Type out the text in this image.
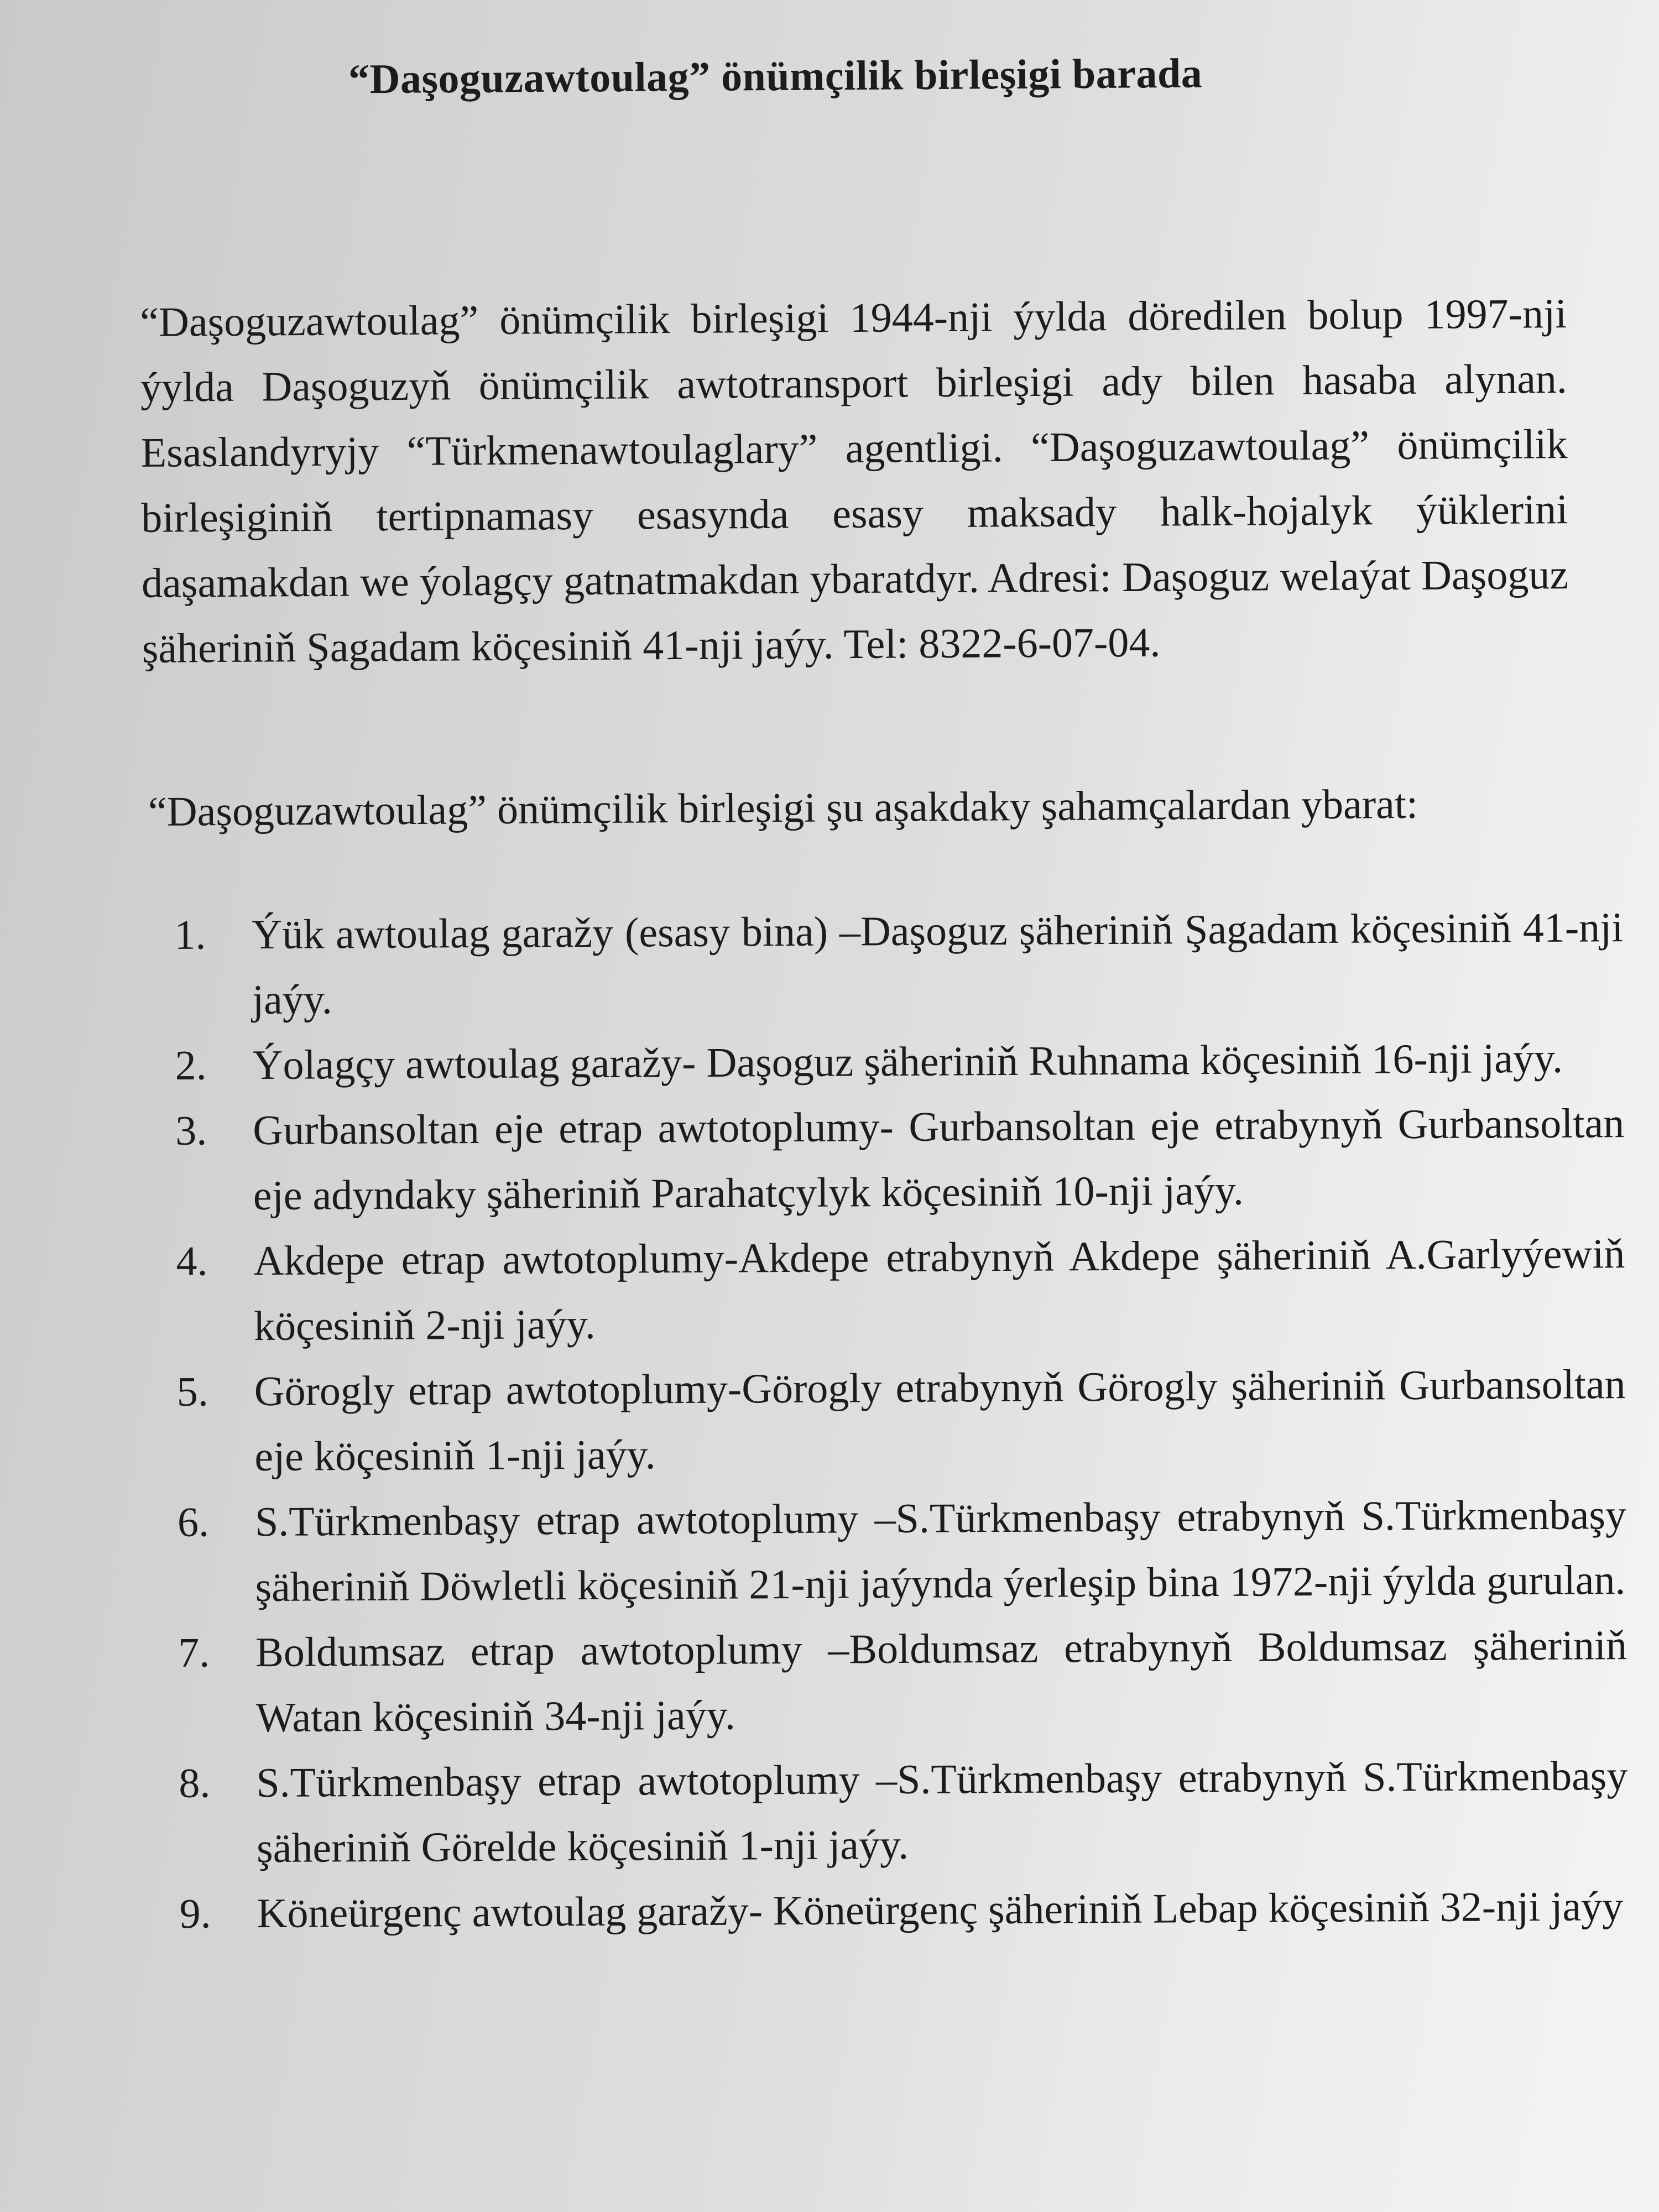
“Daşoguzawtoulag” önümçilik birleşigi barada

“Daşoguzawtoulag” önümçilik birleşigi 1944-nji ýylda döredilen bolup 1997-nji ýylda Daşoguzyň önümçilik awtotransport birleşigi ady bilen hasaba alynan. Esaslandyryjy “Türkmenawtoulaglary” agentligi. “Daşoguzawtoulag” önümçilik birleşiginiň tertipnamasy esasynda esasy maksady halk-hojalyk ýüklerini daşamakdan we ýolagçy gatnatmakdan ybaratdyr. Adresi: Daşoguz welaýat Daşoguz şäheriniň Şagadam köçesiniň 41-nji jaýy. Tel: 8322-6-07-04.

“Daşoguzawtoulag” önümçilik birleşigi şu aşakdaky şahamçalardan ybarat:

1.	Ýük awtoulag garažy (esasy bina) –Daşoguz şäheriniň Şagadam köçesiniň 41-nji jaýy.
2.	Ýolagçy awtoulag garažy- Daşoguz şäheriniň Ruhnama köçesiniň 16-nji jaýy.
3.	Gurbansoltan eje etrap awtotoplumy- Gurbansoltan eje etrabynyň Gurbansoltan eje adyndaky şäheriniň Parahatçylyk köçesiniň 10-nji jaýy.
4.	Akdepe etrap awtotoplumy-Akdepe etrabynyň Akdepe şäheriniň A.Garlyýewiň köçesiniň 2-nji jaýy.
5.	Görogly etrap awtotoplumy-Görogly etrabynyň Görogly şäheriniň Gurbansoltan eje köçesiniň 1-nji jaýy.
6.	S.Türkmenbaşy etrap awtotoplumy –S.Türkmenbaşy etrabynyň S.Türkmenbaşy şäheriniň Döwletli köçesiniň 21-nji jaýynda ýerleşip bina 1972-nji ýylda gurulan.
7.	Boldumsaz etrap awtotoplumy –Boldumsaz etrabynyň Boldumsaz şäheriniň Watan köçesiniň 34-nji jaýy.
8.	S.Türkmenbaşy etrap awtotoplumy –S.Türkmenbaşy etrabynyň S.Türkmenbaşy şäheriniň Görelde köçesiniň 1-nji jaýy.
9.	Köneürgenç awtoulag garažy- Köneürgenç şäheriniň Lebap köçesiniň 32-nji jaýy
